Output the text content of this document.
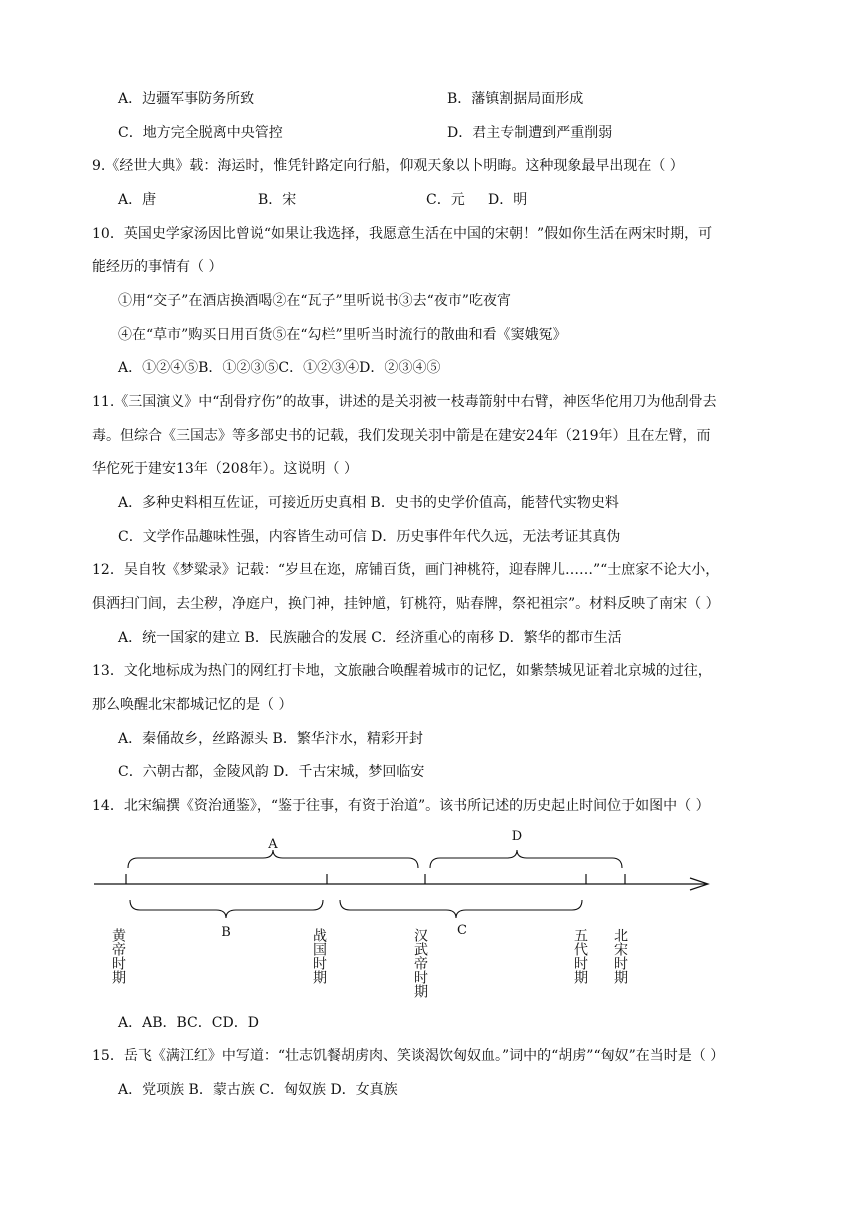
A．边疆军事防务所致	B．藩镇割据局面形成
C．地方完全脱离中央管控	D．君主专制遭到严重削弱
9.《经世大典》载：海运时，惟凭针路定向行船，仰观天象以卜明晦。这种现象最早出现在（ ）
A．唐	B．宋	C．元 D．明
10．英国史学家汤因比曾说“如果让我选择，我愿意生活在中国的宋朝！”假如你生活在两宋时期，可
能经历的事情有（ ）
①用“交子”在酒店换酒喝②在“瓦子”里听说书③去“夜市”吃夜宵
④在“草市”购买日用百货⑤在“勾栏”里听当时流行的散曲和看《窦娥冤》
A．①②④⑤B．①②③⑤C．①②③④D．②③④⑤
11.《三国演义》中“刮骨疗伤”的故事，讲述的是关羽被一枝毒箭射中右臂，神医华佗用刀为他刮骨去
毒。但综合《三国志》等多部史书的记载，我们发现关羽中箭是在建安24年（219年）且在左臂，而
华佗死于建安13年（208年）。这说明（ ）
A．多种史料相互佐证，可接近历史真相 B．史书的史学价值高，能替代实物史料
C．文学作品趣味性强，内容皆生动可信 D．历史事件年代久远，无法考证其真伪
12．吴自牧《梦粱录》记载：“岁旦在迩，席铺百货，画门神桃符，迎春牌儿……”“士庶家不论大小，
俱洒扫门闾，去尘秽，净庭户，换门神，挂钟馗，钉桃符，贴春牌，祭祀祖宗”。材料反映了南宋（ ）
A．统一国家的建立 B．民族融合的发展 C．经济重心的南移 D．繁华的都市生活
13．文化地标成为热门的网红打卡地，文旅融合唤醒着城市的记忆，如紫禁城见证着北京城的过往，
那么唤醒北宋都城记忆的是（ ）
A．秦俑故乡，丝路源头 B．繁华汴水，精彩开封
C．六朝古都，金陵风韵 D．千古宋城，梦回临安
14．北宋编撰《资治通鉴》，“鉴于往事，有资于治道”。该书所记述的历史起止时间位于如图中（ ）
A
D
B	C
黄帝时期	战国时期	汉武帝时期	五代时期 北宋时期
A．AB．BC．CD．D
15．岳飞《满江红》中写道：“壮志饥餐胡虏肉、笑谈渴饮匈奴血。”词中的“胡虏”“匈奴”在当时是（ ）
A．党项族 B．蒙古族 C．匈奴族 D．女真族
